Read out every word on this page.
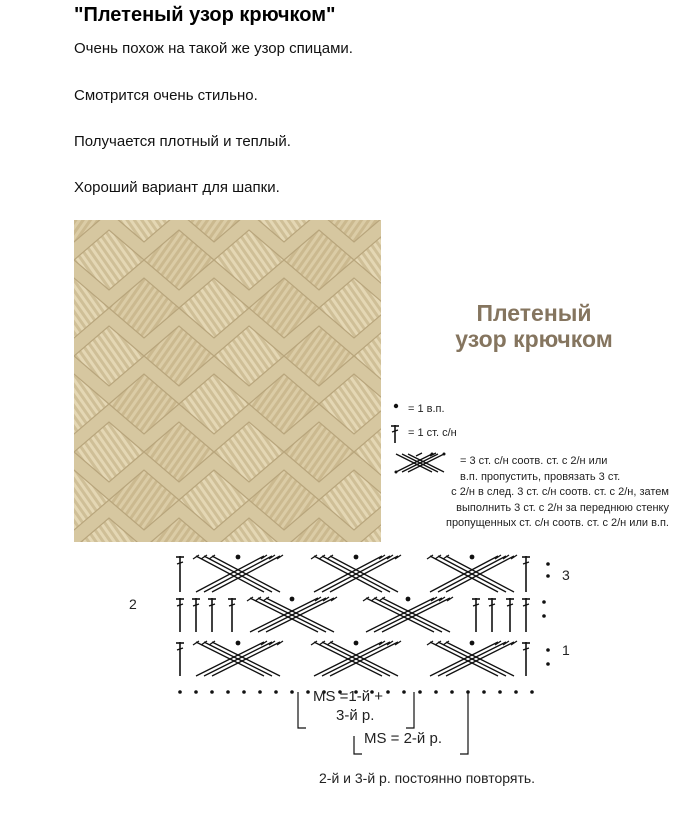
"Плетеный узор крючком"

Очень похож на такой же узор спицами.

Смотрится очень стильно.

Получается плотный и теплый.

Хороший вариант для шапки.

Плетеный
узор крючком
= 1 в.п.
= 1 ст. с/н
= 3 ст. с/н соотв. ст. с 2/н или
в.п. пропустить, провязать 3 ст.
с 2/н в след. 3 ст. с/н соотв. ст. с 2/н, затем
выполнить 3 ст. с 2/н за переднюю стенку
пропущенных ст. с/н соотв. ст. с 2/н или в.п.
2
3
1
MS =1-й +
3-й р.
MS = 2-й р.
2-й и 3-й р. постоянно повторять.
